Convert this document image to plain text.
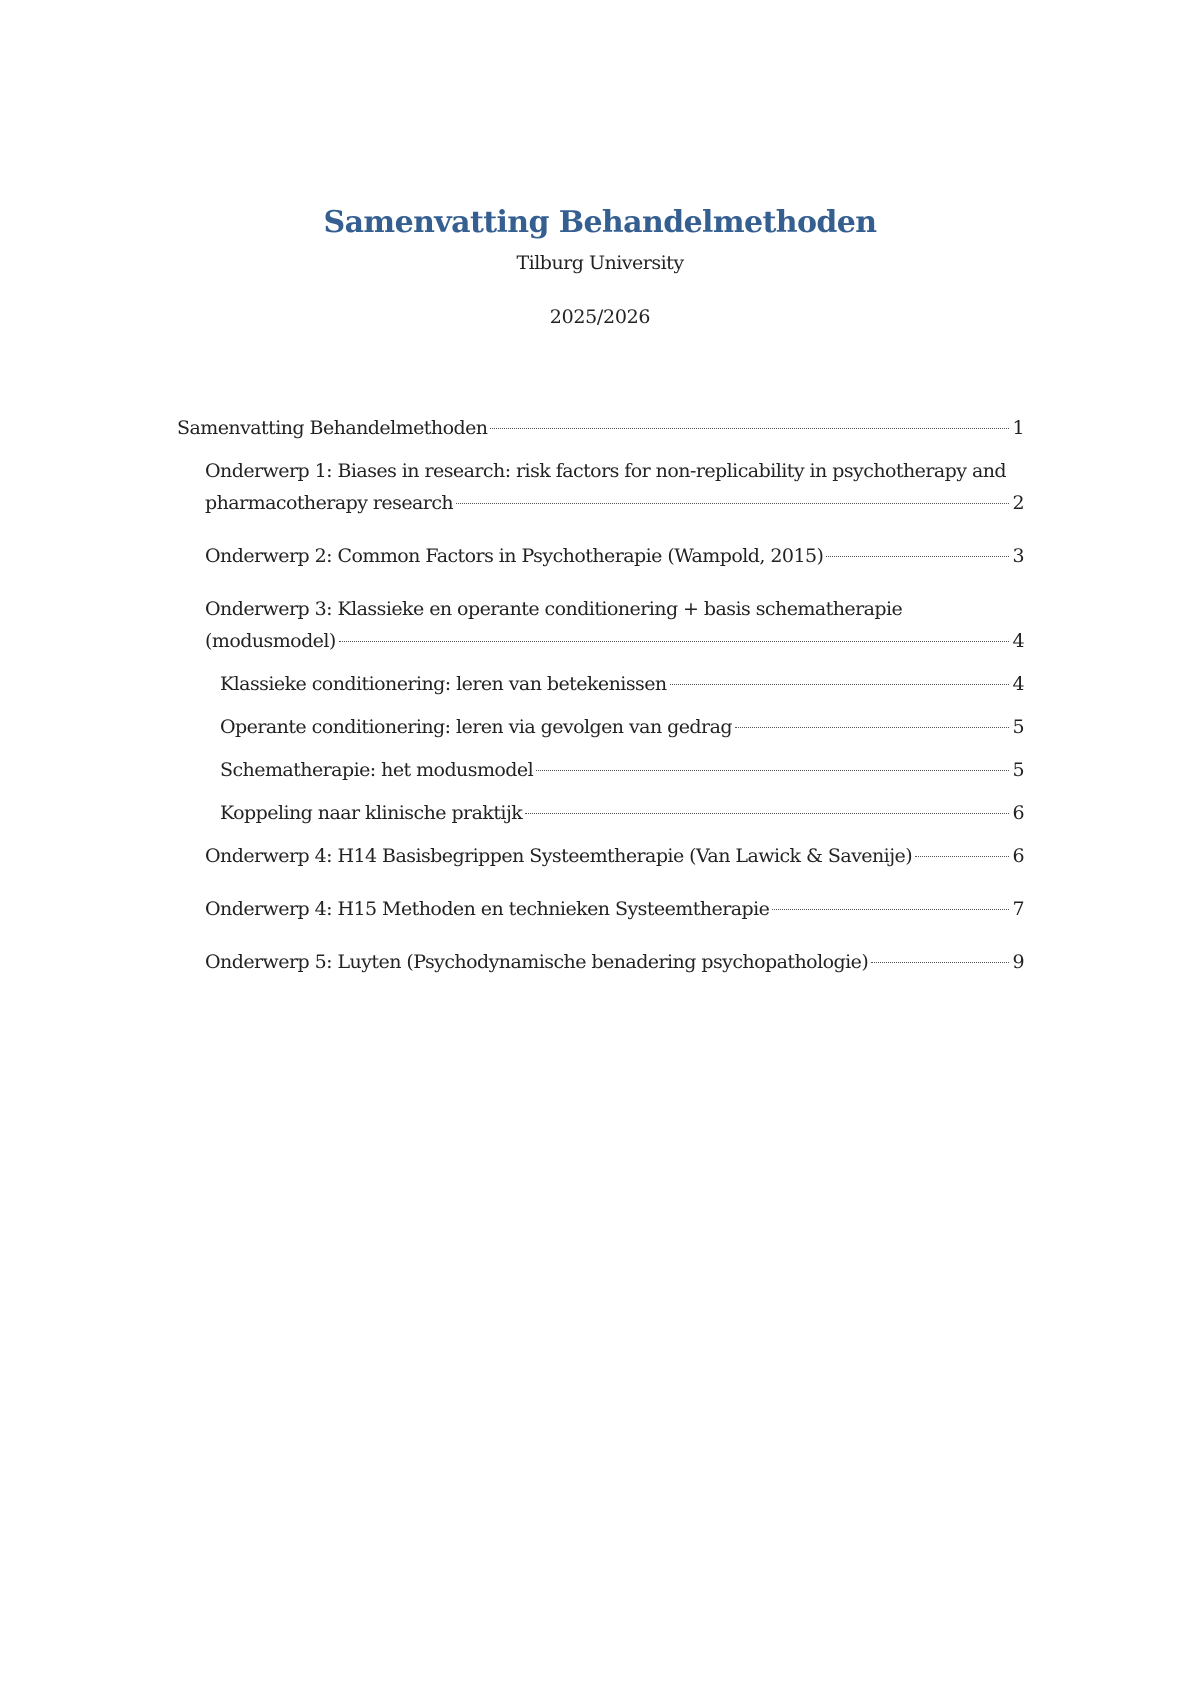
Samenvatting Behandelmethoden
Tilburg University
2025/2026
Samenvatting Behandelmethoden	1
Onderwerp 1: Biases in research: risk factors for non-replicability in psychotherapy and
pharmacotherapy research	2
Onderwerp 2: Common Factors in Psychotherapie (Wampold, 2015)	3
Onderwerp 3: Klassieke en operante conditionering + basis schematherapie
(modusmodel)	4
Klassieke conditionering: leren van betekenissen	4
Operante conditionering: leren via gevolgen van gedrag	5
Schematherapie: het modusmodel	5
Koppeling naar klinische praktijk	6
Onderwerp 4: H14 Basisbegrippen Systeemtherapie (Van Lawick & Savenije)	6
Onderwerp 4: H15 Methoden en technieken Systeemtherapie	7
Onderwerp 5: Luyten (Psychodynamische benadering psychopathologie)	9
